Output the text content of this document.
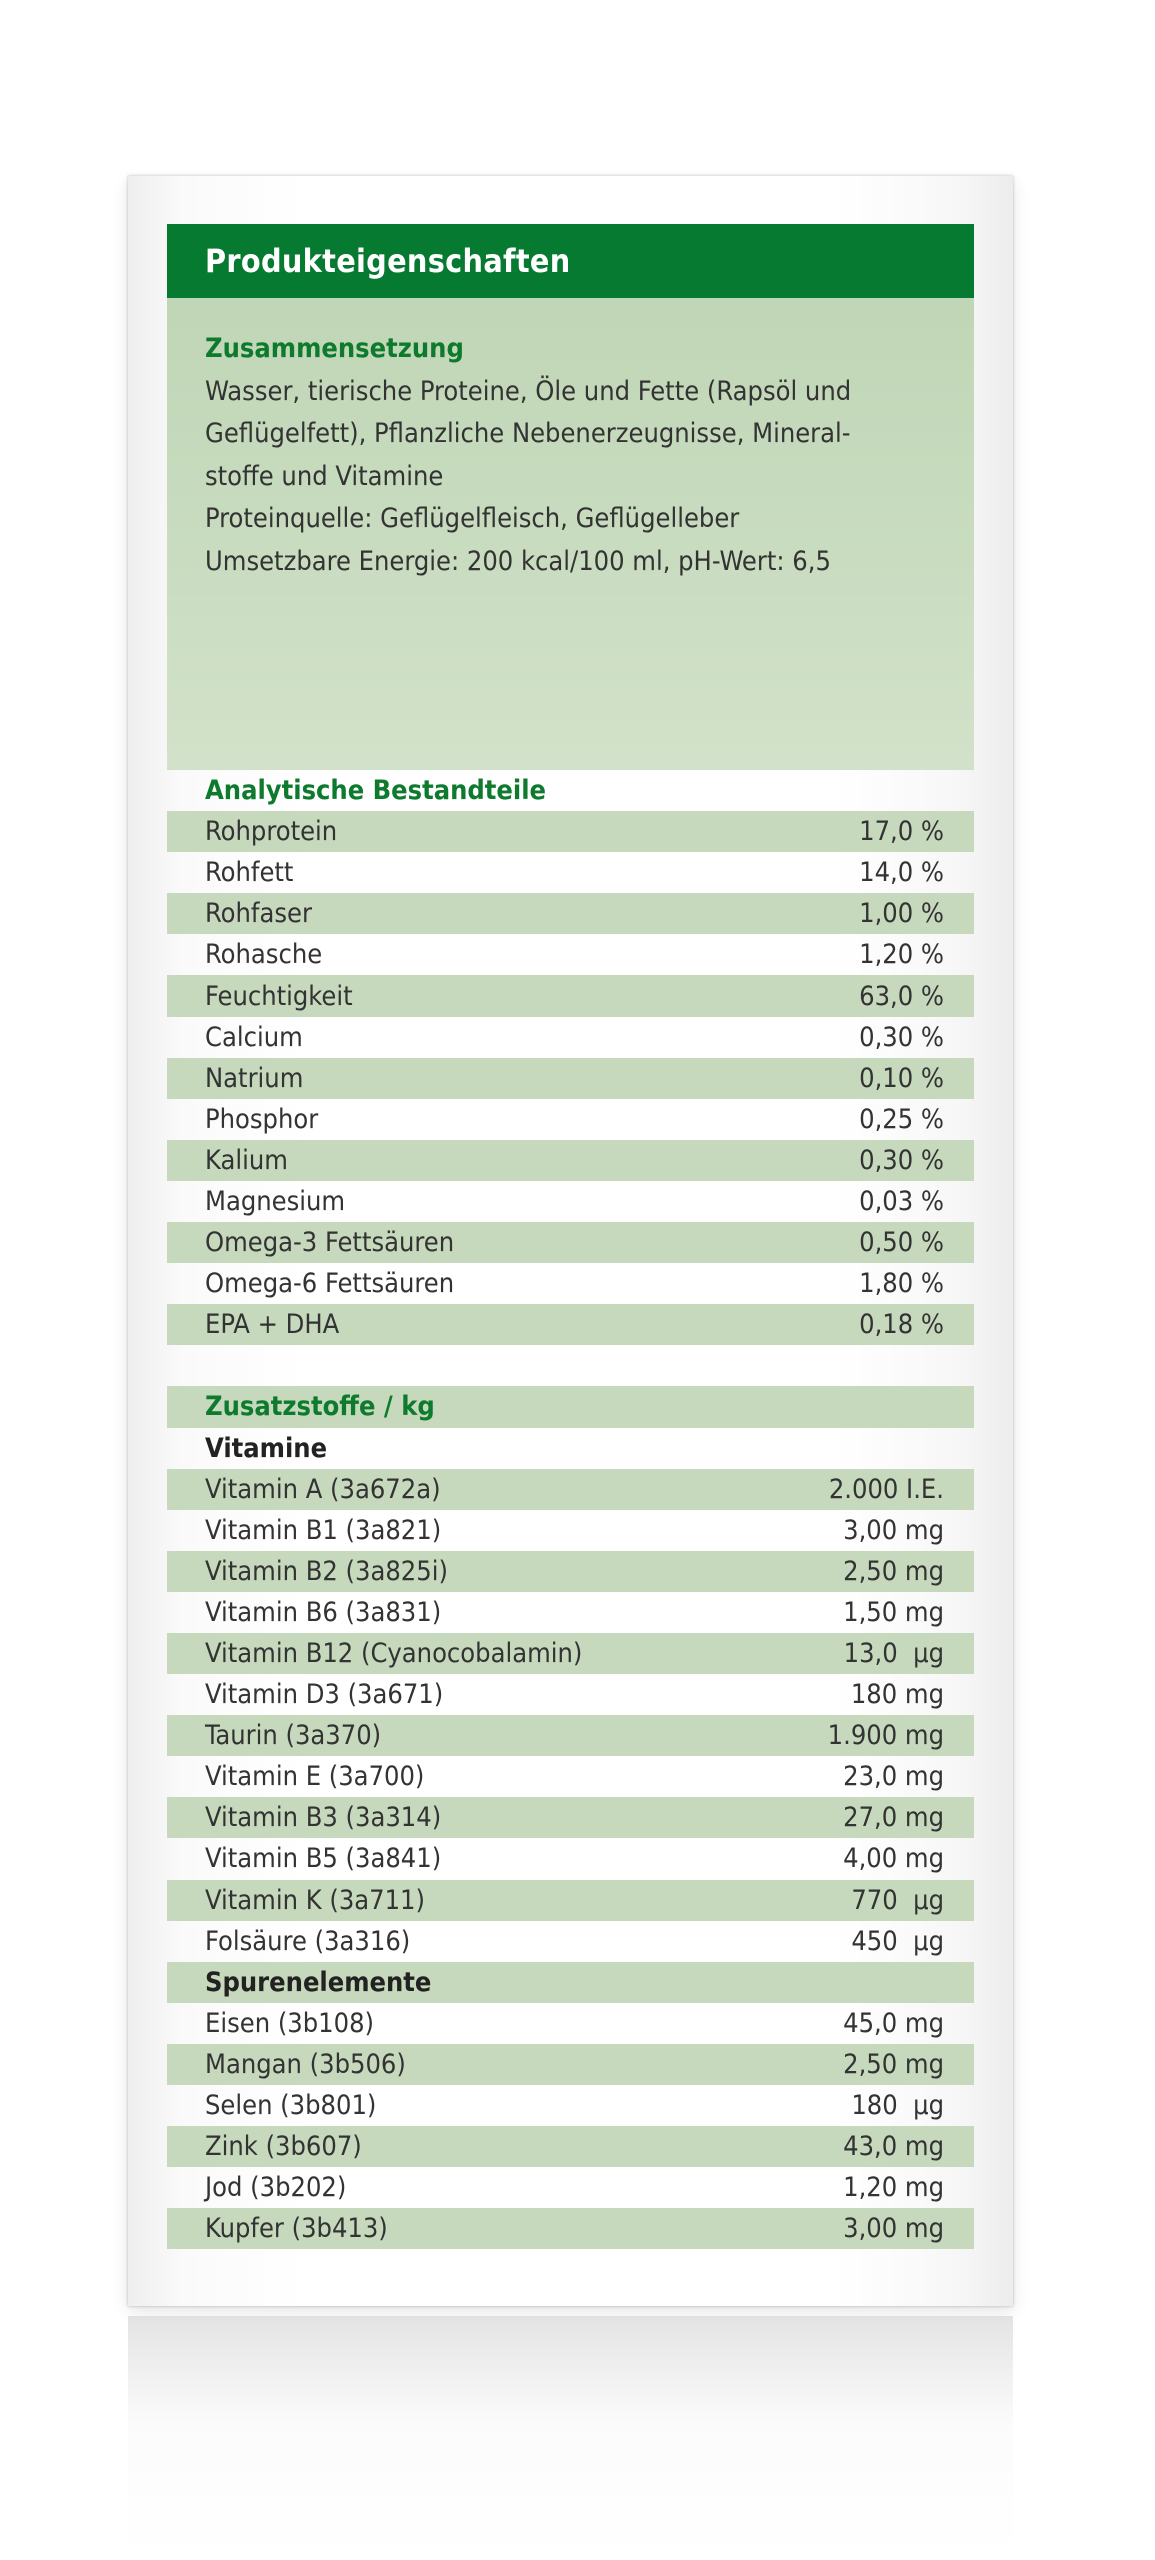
Produkteigenschaften
Zusammensetzung
Wasser, tierische Proteine, Öle und Fette (Rapsöl und
Geflügelfett), Pflanzliche Nebenerzeugnisse, Mineral-
stoffe und Vitamine
Proteinquelle: Geflügelfleisch, Geflügelleber
Umsetzbare Energie: 200 kcal/100 ml, pH-Wert: 6,5
Analytische Bestandteile
Rohprotein	17,0 %
Rohfett	14,0 %
Rohfaser	1,00 %
Rohasche	1,20 %
Feuchtigkeit	63,0 %
Calcium	0,30 %
Natrium	0,10 %
Phosphor	0,25 %
Kalium	0,30 %
Magnesium	0,03 %
Omega-3 Fettsäuren	0,50 %
Omega-6 Fettsäuren	1,80 %
EPA + DHA	0,18 %
Zusatzstoffe / kg
Vitamine
Vitamin A (3a672a)	2.000 I.E.
Vitamin B1 (3a821)	3,00 mg
Vitamin B2 (3a825i)	2,50 mg
Vitamin B6 (3a831)	1,50 mg
Vitamin B12 (Cyanocobalamin)	13,0  µg
Vitamin D3 (3a671)	180 mg
Taurin (3a370)	1.900 mg
Vitamin E (3a700)	23,0 mg
Vitamin B3 (3a314)	27,0 mg
Vitamin B5 (3a841)	4,00 mg
Vitamin K (3a711)	770  µg
Folsäure (3a316)	450  µg
Spurenelemente
Eisen (3b108)	45,0 mg
Mangan (3b506)	2,50 mg
Selen (3b801)	180  µg
Zink (3b607)	43,0 mg
Jod (3b202)	1,20 mg
Kupfer (3b413)	3,00 mg
